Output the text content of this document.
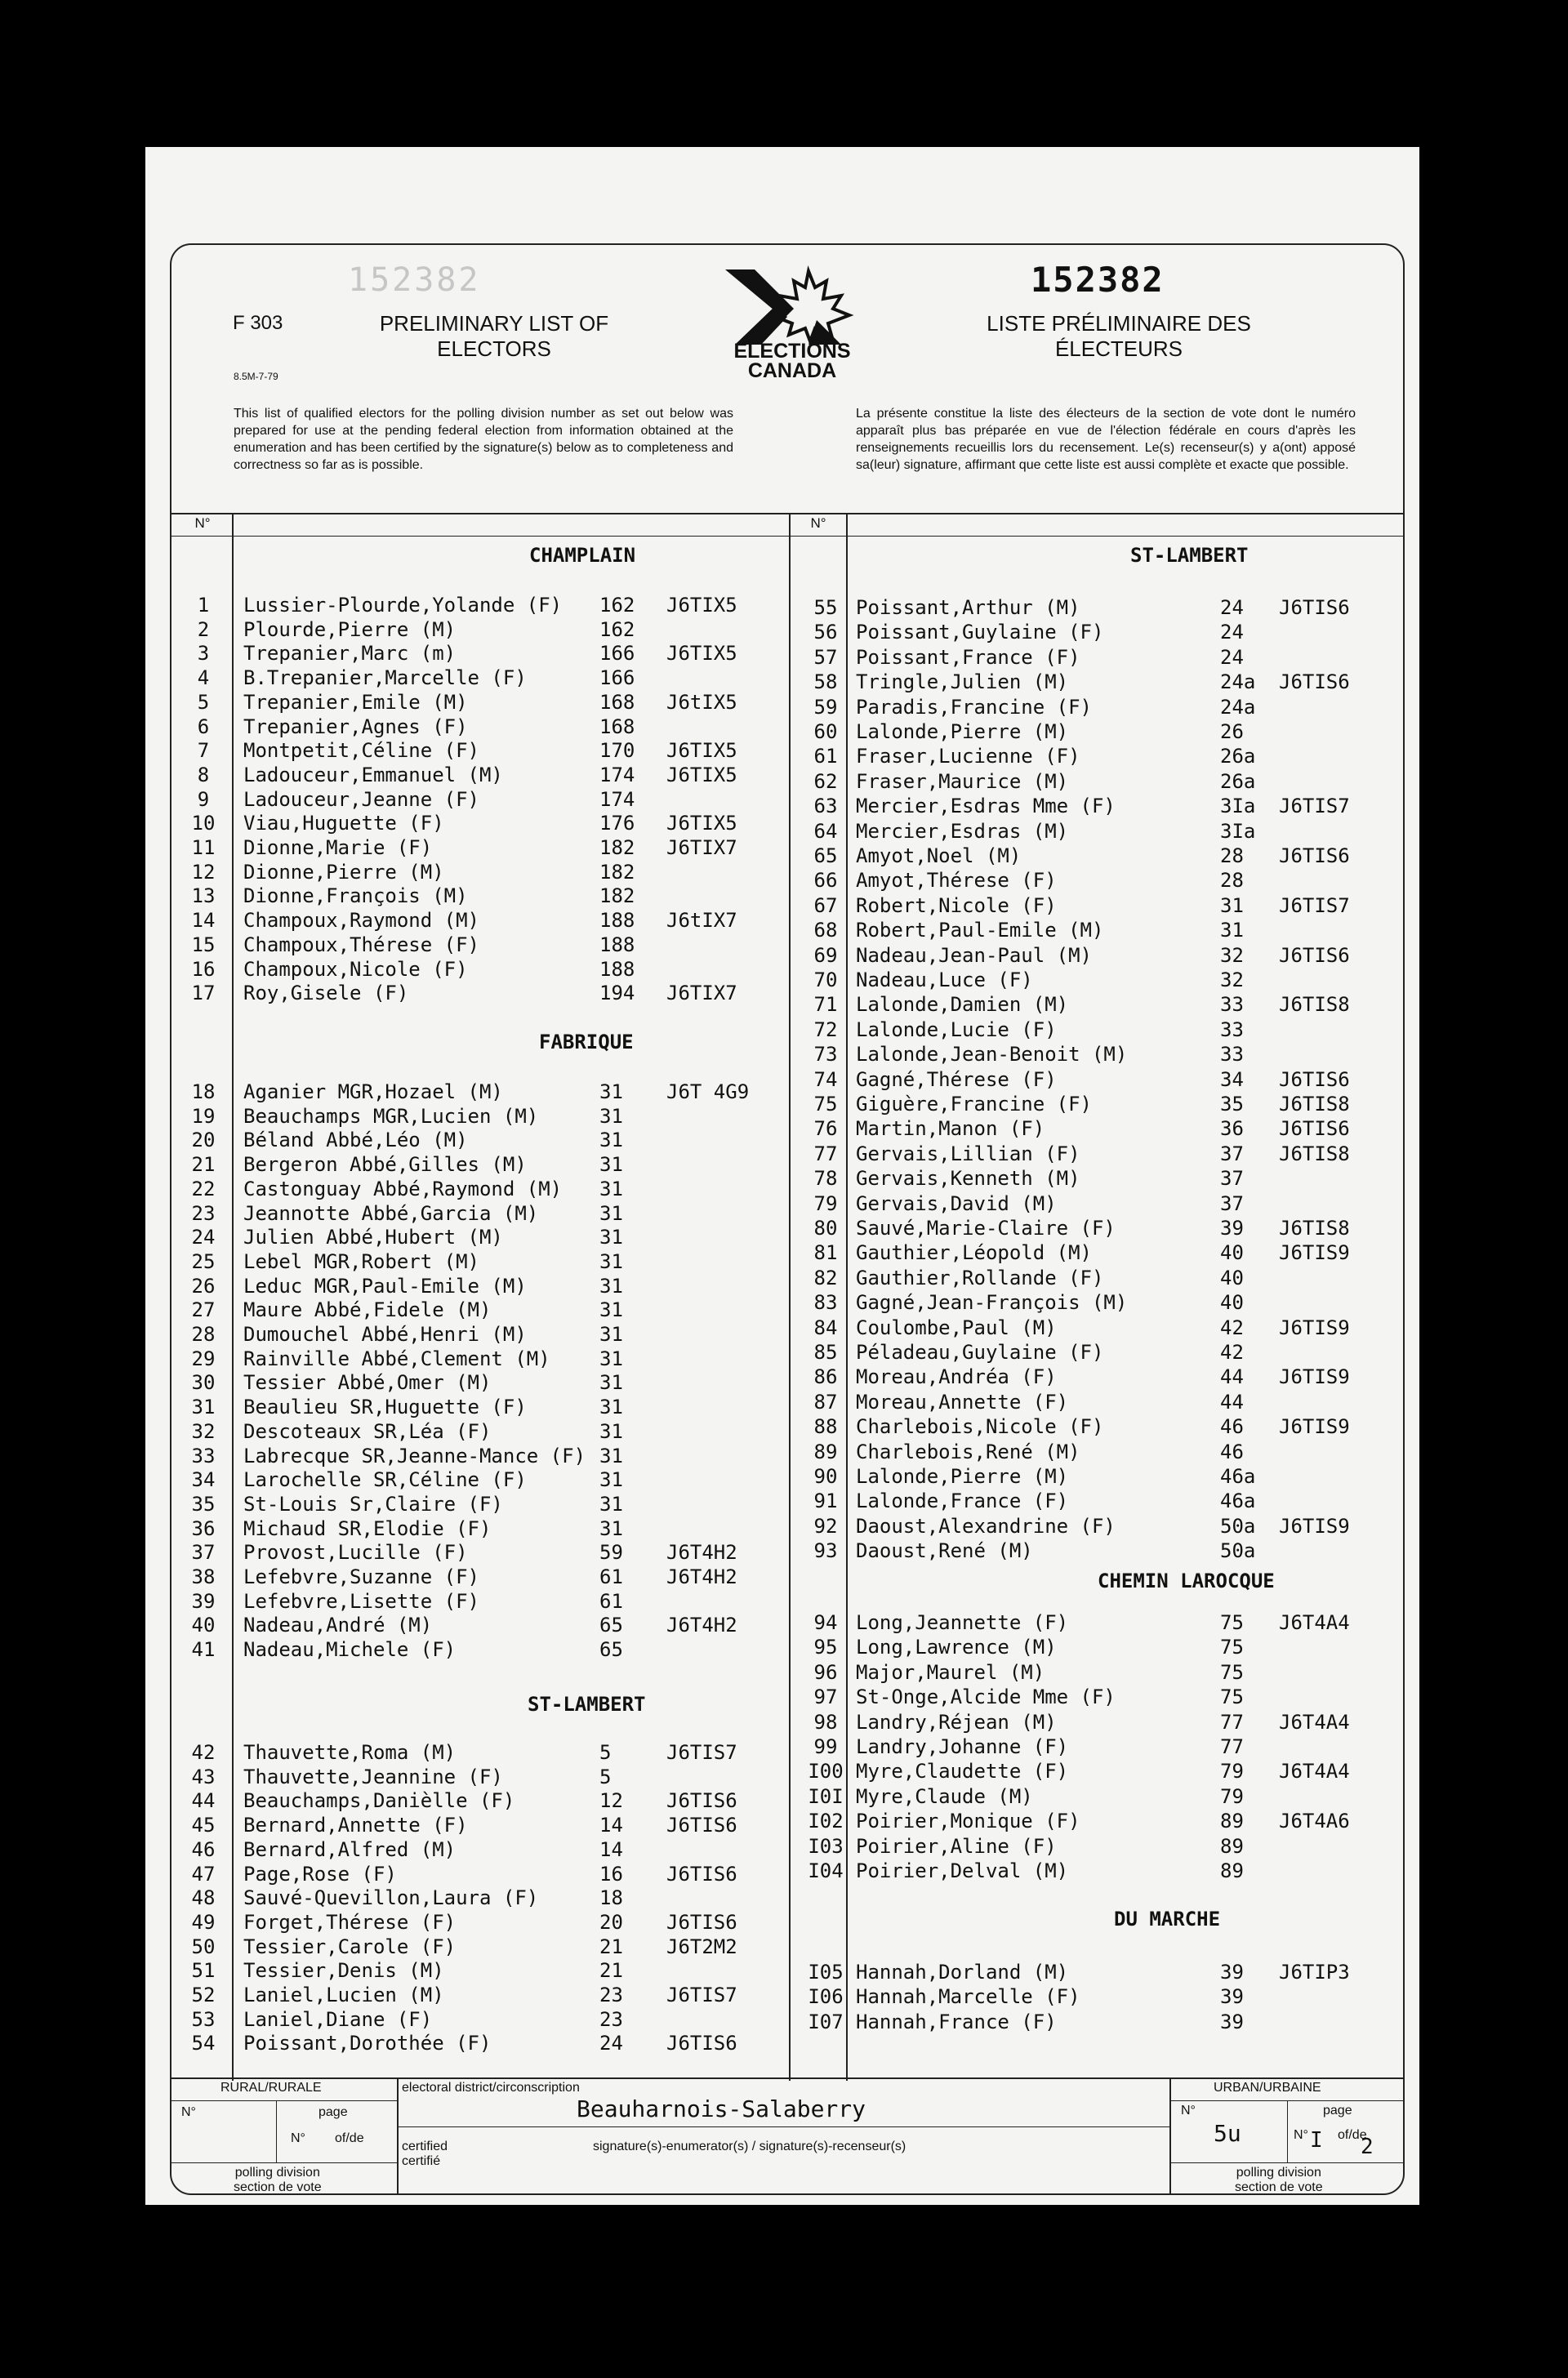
F 303
8.5M-7-79
PRELIMINARY LIST OF
ELECTORS
152382
ELECTIONS
CANADA
152382
LISTE PRÉLIMINAIRE DES
ÉLECTEURS
This list of qualified electors for the polling division number as set out below was prepared for use at the pending federal election from information obtained at the enumeration and has been certified by the signature(s) below as to completeness and correctness so far as is possible.
La présente constitue la liste des électeurs de la section de vote dont le numéro apparaît plus bas préparée en vue de l'élection fédérale en cours d'après les renseignements recueillis lors du recensement. Le(s) recenseur(s) y a(ont) apposé sa(leur) signature, affirmant que cette liste est aussi complète et exacte que possible.
N°	N°
CHAMPLAIN
FABRIQUE
ST-LAMBERT
1	Lussier-Plourde,Yolande (F) 162 J6TIX5
2	Plourde,Pierre (M)	162
3	Trepanier,Marc (m)	166 J6TIX5
4	B.Trepanier,Marcelle (F)	166
5	Trepanier,Emile (M)	168 J6tIX5
6	Trepanier,Agnes (F)	168
7	Montpetit,Céline (F)	170 J6TIX5
8	Ladouceur,Emmanuel (M)	174 J6TIX5
9	Ladouceur,Jeanne (F)	174
10	Viau,Huguette (F)	176 J6TIX5
11	Dionne,Marie (F)	182 J6TIX7
12	Dionne,Pierre (M)	182
13	Dionne,François (M)	182
14	Champoux,Raymond (M)	188 J6tIX7
15	Champoux,Thérese (F)	188
16	Champoux,Nicole (F)	188
17	Roy,Gisele (F)	194 J6TIX7
18	Aganier MGR,Hozael (M)	31 J6T 4G9
19	Beauchamps MGR,Lucien (M)	31
20	Béland Abbé,Léo (M)	31
21	Bergeron Abbé,Gilles (M)	31
22	Castonguay Abbé,Raymond (M) 31
23	Jeannotte Abbé,Garcia (M)	31
24	Julien Abbé,Hubert (M)	31
25	Lebel MGR,Robert (M)	31
26	Leduc MGR,Paul-Emile (M)	31
27	Maure Abbé,Fidele (M)	31
28	Dumouchel Abbé,Henri (M)	31
29	Rainville Abbé,Clement (M)	31
30	Tessier Abbé,Omer (M)	31
31	Beaulieu SR,Huguette (F)	31
32	Descoteaux SR,Léa (F)	31
33	Labrecque SR,Jeanne-Mance (F) 31
34	Larochelle SR,Céline (F)	31
35	St-Louis Sr,Claire (F)	31
36	Michaud SR,Elodie (F)	31
37	Provost,Lucille (F)	59 J6T4H2
38	Lefebvre,Suzanne (F)	61 J6T4H2
39	Lefebvre,Lisette (F)	61
40	Nadeau,André (M)	65 J6T4H2
41	Nadeau,Michele (F)	65
42	Thauvette,Roma (M)	5	J6TIS7
43	Thauvette,Jeannine (F)	5
44	Beauchamps,Danièlle (F)	12 J6TIS6
45	Bernard,Annette (F)	14 J6TIS6
46	Bernard,Alfred (M)	14
47	Page,Rose (F)	16 J6TIS6
48	Sauvé-Quevillon,Laura (F)	18
49	Forget,Thérese (F)	20 J6TIS6
50	Tessier,Carole (F)	21 J6T2M2
51	Tessier,Denis (M)	21
52	Laniel,Lucien (M)	23 J6TIS7
53	Laniel,Diane (F)	23
54	Poissant,Dorothée (F)	24 J6TIS6
ST-LAMBERT
CHEMIN LAROCQUE
DU MARCHE
55 Poissant,Arthur (M)	24 J6TIS6
56 Poissant,Guylaine (F)	24
57 Poissant,France (F)	24
58 Tringle,Julien (M)	24a J6TIS6
59 Paradis,Francine (F)	24a
60 Lalonde,Pierre (M)	26
61 Fraser,Lucienne (F)	26a
62 Fraser,Maurice (M)	26a
63 Mercier,Esdras Mme (F)	3Ia J6TIS7
64 Mercier,Esdras (M)	3Ia
65 Amyot,Noel (M)	28 J6TIS6
66 Amyot,Thérese (F)	28
67 Robert,Nicole (F)	31 J6TIS7
68 Robert,Paul-Emile (M)	31
69 Nadeau,Jean-Paul (M)	32 J6TIS6
70 Nadeau,Luce (F)	32
71 Lalonde,Damien (M)	33 J6TIS8
72 Lalonde,Lucie (F)	33
73 Lalonde,Jean-Benoit (M)	33
74 Gagné,Thérese (F)	34 J6TIS6
75 Giguère,Francine (F)	35 J6TIS8
76 Martin,Manon (F)	36 J6TIS6
77 Gervais,Lillian (F)	37 J6TIS8
78 Gervais,Kenneth (M)	37
79 Gervais,David (M)	37
80 Sauvé,Marie-Claire (F)	39 J6TIS8
81 Gauthier,Léopold (M)	40 J6TIS9
82 Gauthier,Rollande (F)	40
83 Gagné,Jean-François (M)	40
84 Coulombe,Paul (M)	42 J6TIS9
85 Péladeau,Guylaine (F)	42
86 Moreau,Andréa (F)	44 J6TIS9
87 Moreau,Annette (F)	44
88 Charlebois,Nicole (F)	46 J6TIS9
89 Charlebois,René (M)	46
90 Lalonde,Pierre (M)	46a
91 Lalonde,France (F)	46a
92 Daoust,Alexandrine (F)	50a J6TIS9
93 Daoust,René (M)	50a
94 Long,Jeannette (F)	75 J6T4A4
95 Long,Lawrence (M)	75
96 Major,Maurel (M)	75
97 St-Onge,Alcide Mme (F)	75
98 Landry,Réjean (M)	77 J6T4A4
99 Landry,Johanne (F)	77
I00 Myre,Claudette (F)	79 J6T4A4
I0I Myre,Claude (M)	79
I02 Poirier,Monique (F)	89 J6T4A6
I03 Poirier,Aline (F)	89
I04 Poirier,Delval (M)	89
I05 Hannah,Dorland (M)	39 J6TIP3
I06 Hannah,Marcelle (F)	39
I07 Hannah,France (F)	39
RURAL/RURALE
N°	page
N° of/de
polling division
section de vote
electoral district/circonscription
Beauharnois-Salaberry
certified
certifié
signature(s)-enumerator(s) / signature(s)-recenseur(s)
URBAN/URBAINE
N°
5u
page
N° I of/de
2
polling division
section de vote
